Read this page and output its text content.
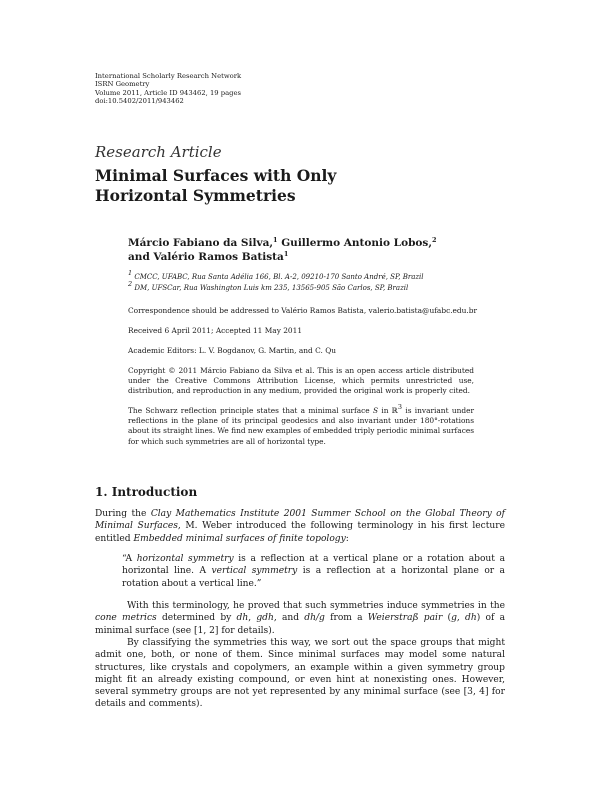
International Scholarly Research Network
ISRN Geometry
Volume 2011, Article ID 943462, 19 pages
doi:10.5402/2011/943462
Research Article
Minimal Surfaces with Only
Horizontal Symmetries
Márcio Fabiano da Silva,$^1$ Guillermo Antonio Lobos,$^2$
and Valério Ramos Batista$^1$
$^1$ CMCC, UFABC, Rua Santa Adélia 166, Bl. A-2, 09210-170 Santo André, SP, Brazil
$^2$ DM, UFSCar, Rua Washington Luis km 235, 13565-905 São Carlos, SP, Brazil
Correspondence should be addressed to Valério Ramos Batista, valerio.batista@ufabc.edu.br
Received 6 April 2011; Accepted 11 May 2011
Academic Editors: L. V. Bogdanov, G. Martin, and C. Qu
Copyright © 2011 Márcio Fabiano da Silva et al. This is an open access article distributed under the Creative Commons Attribution License, which permits unrestricted use, distribution, and reproduction in any medium, provided the original work is properly cited.
The Schwarz reflection principle states that a minimal surface S in ℝ$^3$ is invariant under reflections in the plane of its principal geodesics and also invariant under 180°-rotations about its straight lines. We find new examples of embedded triply periodic minimal surfaces for which such symmetries are all of horizontal type.
1. Introduction
During the Clay Mathematics Institute 2001 Summer School on the Global Theory of Minimal Surfaces, M. Weber introduced the following terminology in his first lecture entitled Embedded minimal surfaces of finite topology:
“A horizontal symmetry is a reflection at a vertical plane or a rotation about a horizontal line. A vertical symmetry is a reflection at a horizontal plane or a rotation about a vertical line.”
With this terminology, he proved that such symmetries induce symmetries in the cone metrics determined by dh, gdh, and dh/g from a Weierstraß pair (g, dh) of a minimal surface (see [1, 2] for details).
By classifying the symmetries this way, we sort out the space groups that might admit one, both, or none of them. Since minimal surfaces may model some natural structures, like crystals and copolymers, an example within a given symmetry group might fit an already existing compound, or even hint at nonexisting ones. However, several symmetry groups are not yet represented by any minimal surface (see [3, 4] for details and comments).
